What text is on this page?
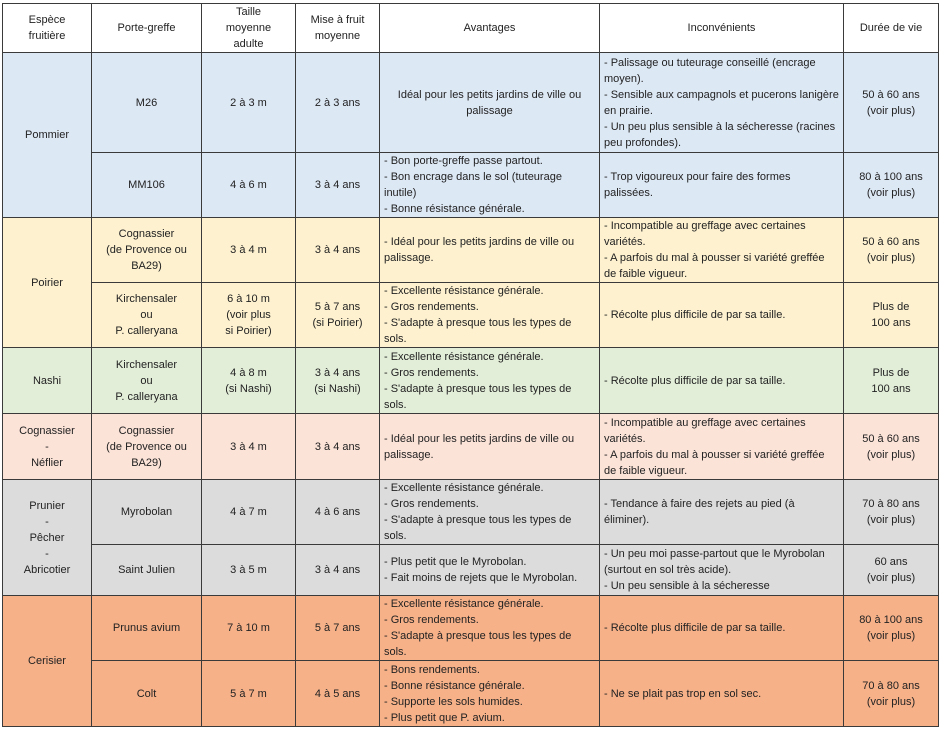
Espèce
fruitière	Porte-greffe	Taille
moyenne
adulte	Mise à fruit
moyenne	Avantages	Inconvénients	Durée de vie
Pommier	M26	2 à 3 m	2 à 3 ans	Idéal pour les petits jardins de ville ou palissage	- Palissage ou tuteurage conseillé (encrage moyen).
- Sensible aux campagnols et pucerons lanigère en prairie.
- Un peu plus sensible à la sécheresse (racines peu profondes).	50 à 60 ans
(voir plus)
	MM106	4 à 6 m	3 à 4 ans	- Bon porte-greffe passe partout.
- Bon encrage dans le sol (tuteurage inutile)
- Bonne résistance générale.	- Trop vigoureux pour faire des formes palissées.	80 à 100 ans
(voir plus)
Poirier	Cognassier
(de Provence ou
BA29)	3 à 4 m	3 à 4 ans	- Idéal pour les petits jardins de ville ou palissage.	- Incompatible au greffage avec certaines variétés.
- A parfois du mal à pousser si variété greffée de faible vigueur.	50 à 60 ans
(voir plus)
	Kirchensaler
ou
P. calleryana	6 à 10 m
(voir plus
si Poirier)	5 à 7 ans
(si Poirier)	- Excellente résistance générale.
- Gros rendements.
- S'adapte à presque tous les types de sols.	- Récolte plus difficile de par sa taille.	Plus de
100 ans
Nashi	Kirchensaler
ou
P. calleryana	4 à 8 m
(si Nashi)	3 à 4 ans
(si Nashi)	- Excellente résistance générale.
- Gros rendements.
- S'adapte à presque tous les types de sols.	- Récolte plus difficile de par sa taille.	Plus de
100 ans
Cognassier
-
Néflier	Cognassier
(de Provence ou
BA29)	3 à 4 m	3 à 4 ans	- Idéal pour les petits jardins de ville ou palissage.	- Incompatible au greffage avec certaines variétés.
- A parfois du mal à pousser si variété greffée de faible vigueur.	50 à 60 ans
(voir plus)
Prunier
-
Pêcher
-
Abricotier	Myrobolan	4 à 7 m	4 à 6 ans	- Excellente résistance générale.
- Gros rendements.
- S'adapte à presque tous les types de sols.	- Tendance à faire des rejets au pied (à éliminer).	70 à 80 ans
(voir plus)
	Saint Julien	3 à 5 m	3 à 4 ans	- Plus petit que le Myrobolan.
- Fait moins de rejets que le Myrobolan.	- Un peu moi passe-partout que le Myrobolan (surtout en sol très acide).
- Un peu sensible à la sécheresse	60 ans
(voir plus)
Cerisier	Prunus avium	7 à 10 m	5 à 7 ans	- Excellente résistance générale.
- Gros rendements.
- S'adapte à presque tous les types de sols.	- Récolte plus difficile de par sa taille.	80 à 100 ans
(voir plus)
	Colt	5 à 7 m	4 à 5 ans	- Bons rendements.
- Bonne résistance générale.
- Supporte les sols humides.
- Plus petit que P. avium.	- Ne se plait pas trop en sol sec.	70 à 80 ans
(voir plus)
